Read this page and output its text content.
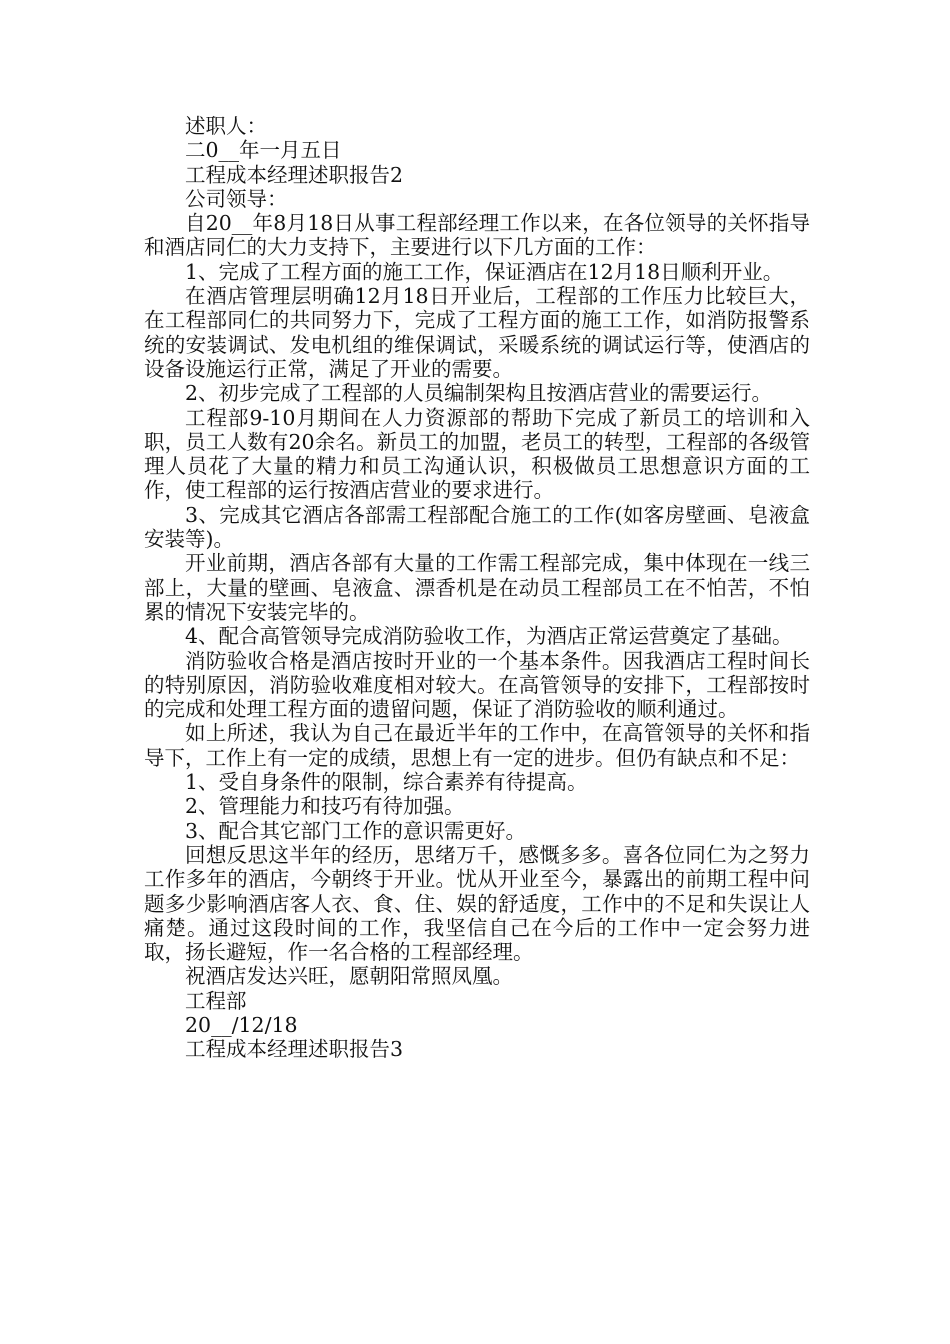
述职人：

二0__年一月五日

工程成本经理述职报告2

公司领导：

自20__年8月18日从事工程部经理工作以来，在各位领导的关怀指导和酒店同仁的大力支持下，主要进行以下几方面的工作：

1、完成了工程方面的施工工作，保证酒店在12月18日顺利开业。

在酒店管理层明确12月18日开业后，工程部的工作压力比较巨大，在工程部同仁的共同努力下，完成了工程方面的施工工作，如消防报警系统的安装调试、发电机组的维保调试，采暖系统的调试运行等，使酒店的设备设施运行正常，满足了开业的需要。

2、初步完成了工程部的人员编制架构且按酒店营业的需要运行。

工程部9-10月期间在人力资源部的帮助下完成了新员工的培训和入职，员工人数有20余名。新员工的加盟，老员工的转型，工程部的各级管理人员花了大量的精力和员工沟通认识，积极做员工思想意识方面的工作，使工程部的运行按酒店营业的要求进行。

3、完成其它酒店各部需工程部配合施工的工作(如客房壁画、皂液盒安装等)。

开业前期，酒店各部有大量的工作需工程部完成，集中体现在一线三部上，大量的壁画、皂液盒、漂香机是在动员工程部员工在不怕苦，不怕累的情况下安装完毕的。

4、配合高管领导完成消防验收工作，为酒店正常运营奠定了基础。

消防验收合格是酒店按时开业的一个基本条件。因我酒店工程时间长的特别原因，消防验收难度相对较大。在高管领导的安排下，工程部按时的完成和处理工程方面的遗留问题，保证了消防验收的顺利通过。

如上所述，我认为自己在最近半年的工作中，在高管领导的关怀和指导下，工作上有一定的成绩，思想上有一定的进步。但仍有缺点和不足：

1、受自身条件的限制，综合素养有待提高。

2、管理能力和技巧有待加强。

3、配合其它部门工作的意识需更好。

回想反思这半年的经历，思绪万千，感慨多多。喜各位同仁为之努力工作多年的酒店，今朝终于开业。忧从开业至今，暴露出的前期工程中问题多少影响酒店客人衣、食、住、娱的舒适度，工作中的不足和失误让人痛楚。通过这段时间的工作，我坚信自己在今后的工作中一定会努力进取，扬长避短，作一名合格的工程部经理。

祝酒店发达兴旺，愿朝阳常照凤凰。

工程部

20__/12/18

工程成本经理述职报告3
